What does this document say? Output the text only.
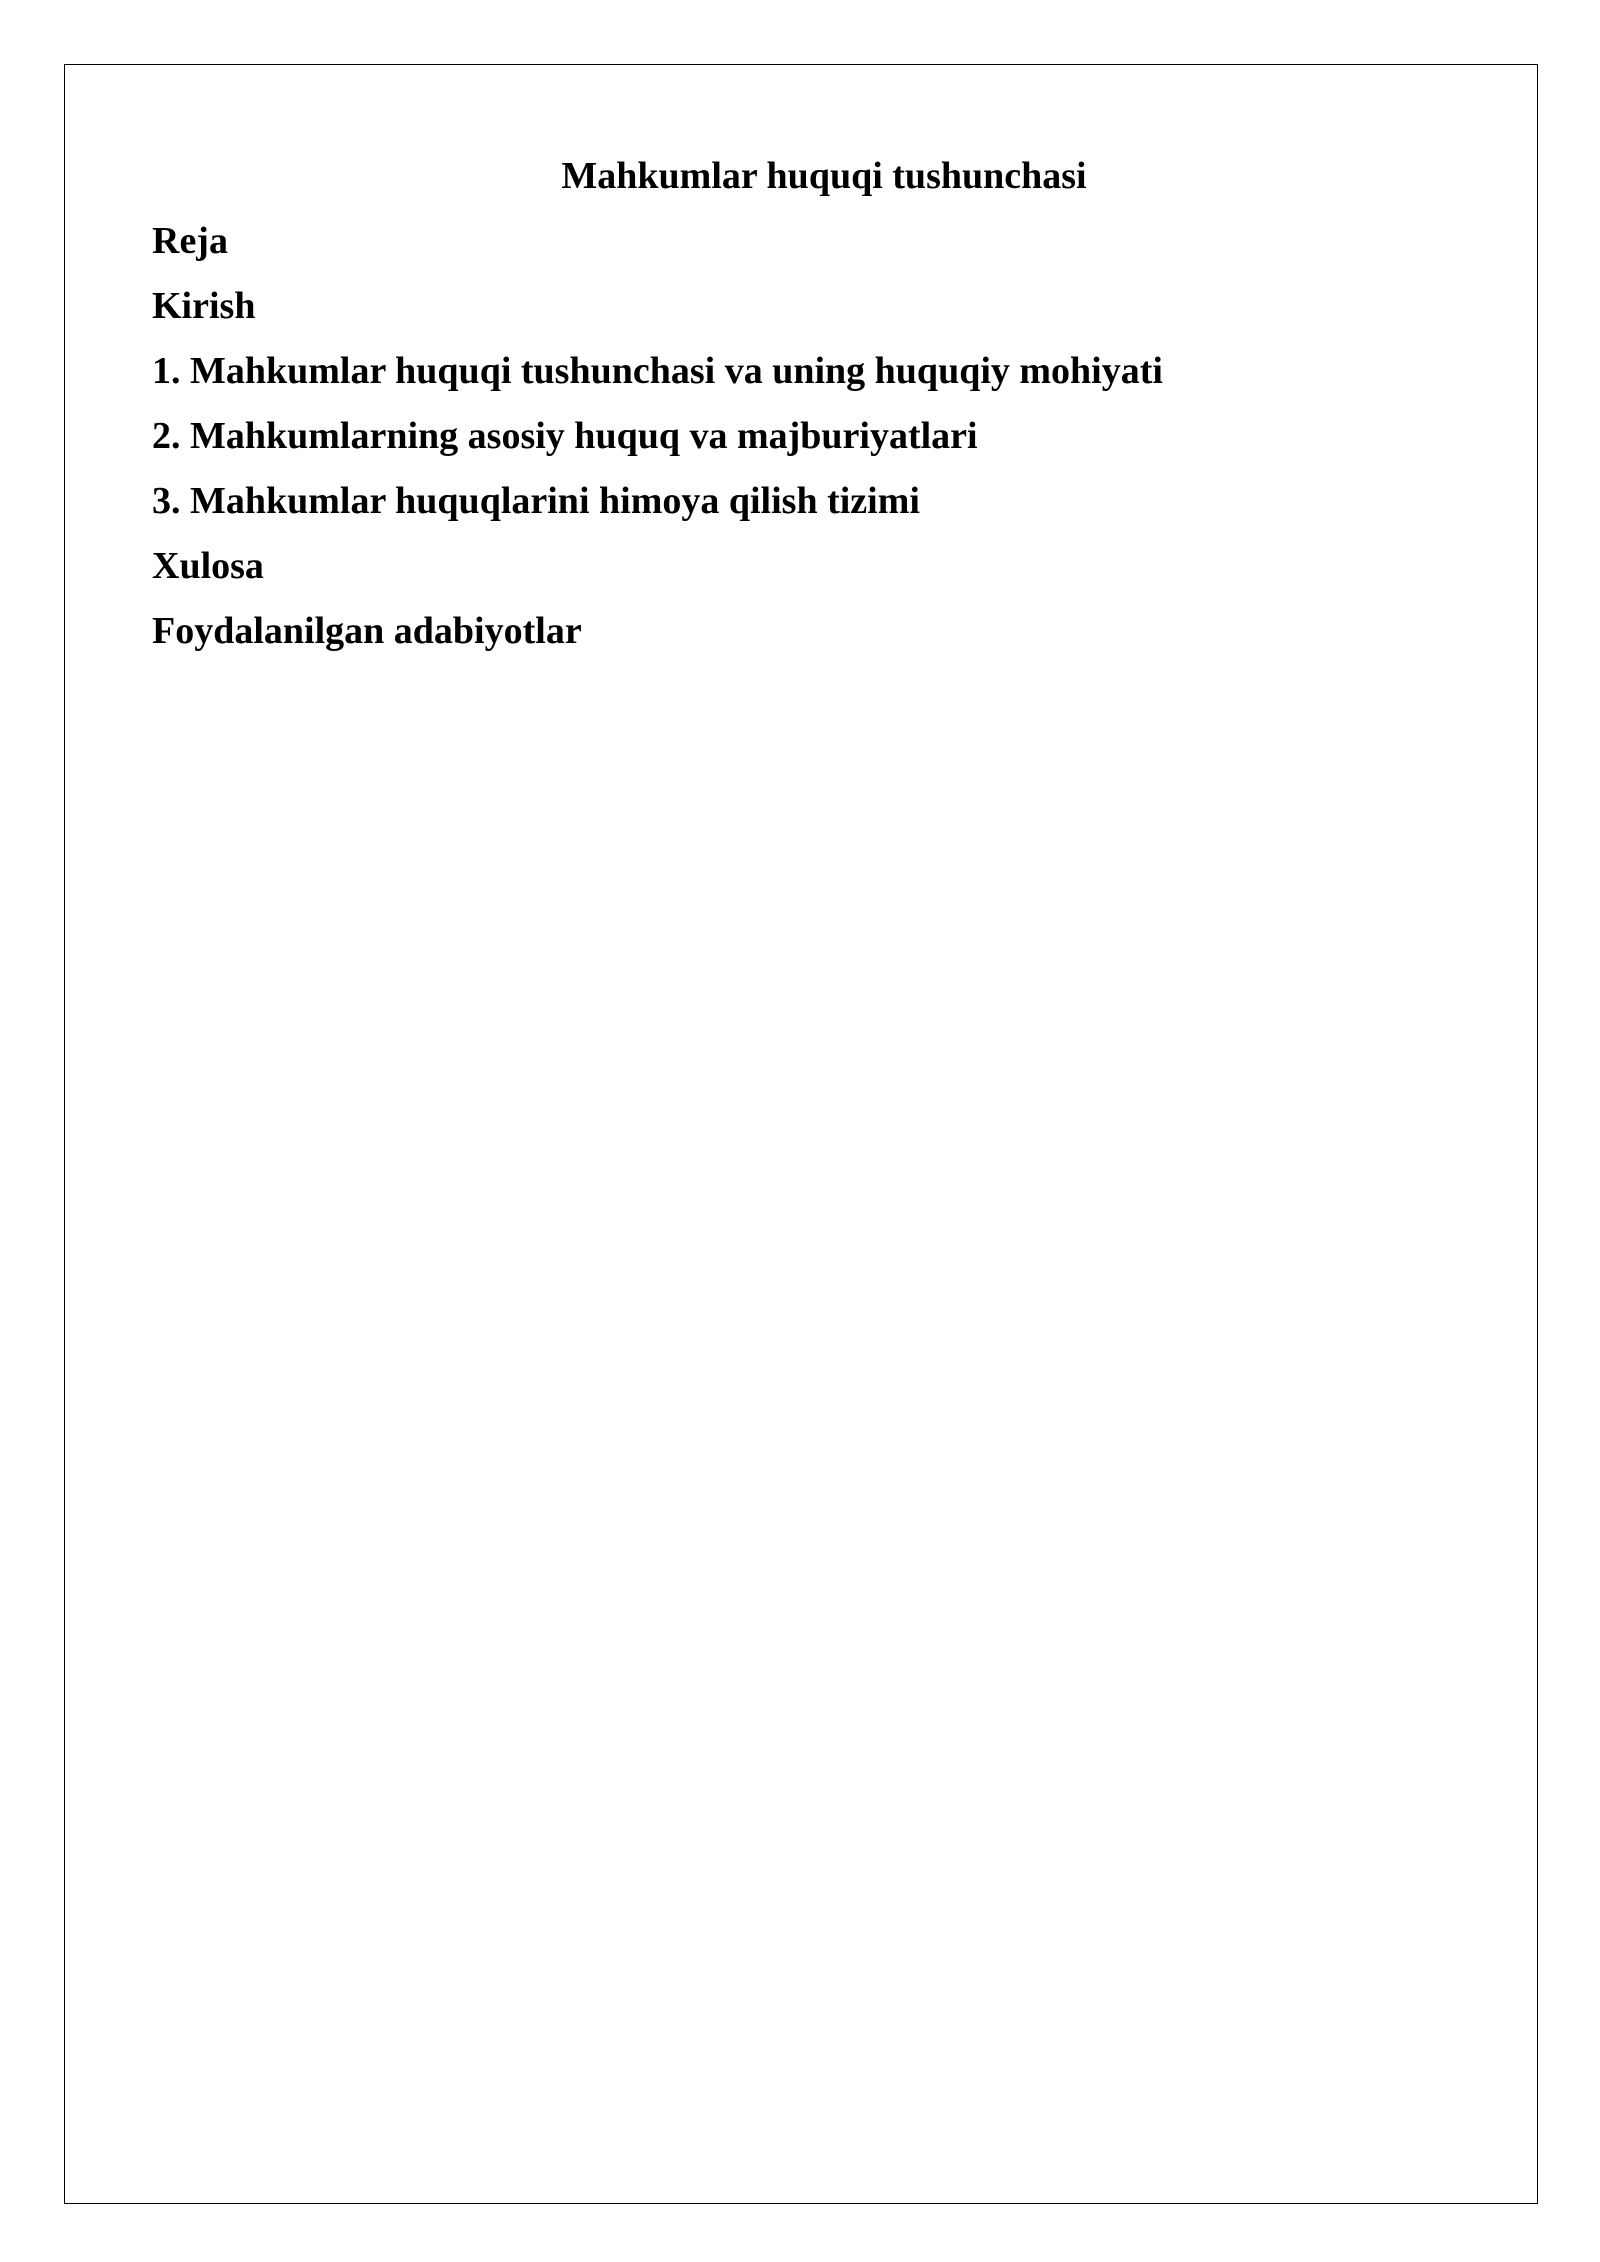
Mahkumlar huquqi tushunchasi
Reja
Kirish
1. Mahkumlar huquqi tushunchasi va uning huquqiy mohiyati
2. Mahkumlarning asosiy huquq va majburiyatlari
3. Mahkumlar huquqlarini himoya qilish tizimi
Xulosa
Foydalanilgan adabiyotlar
